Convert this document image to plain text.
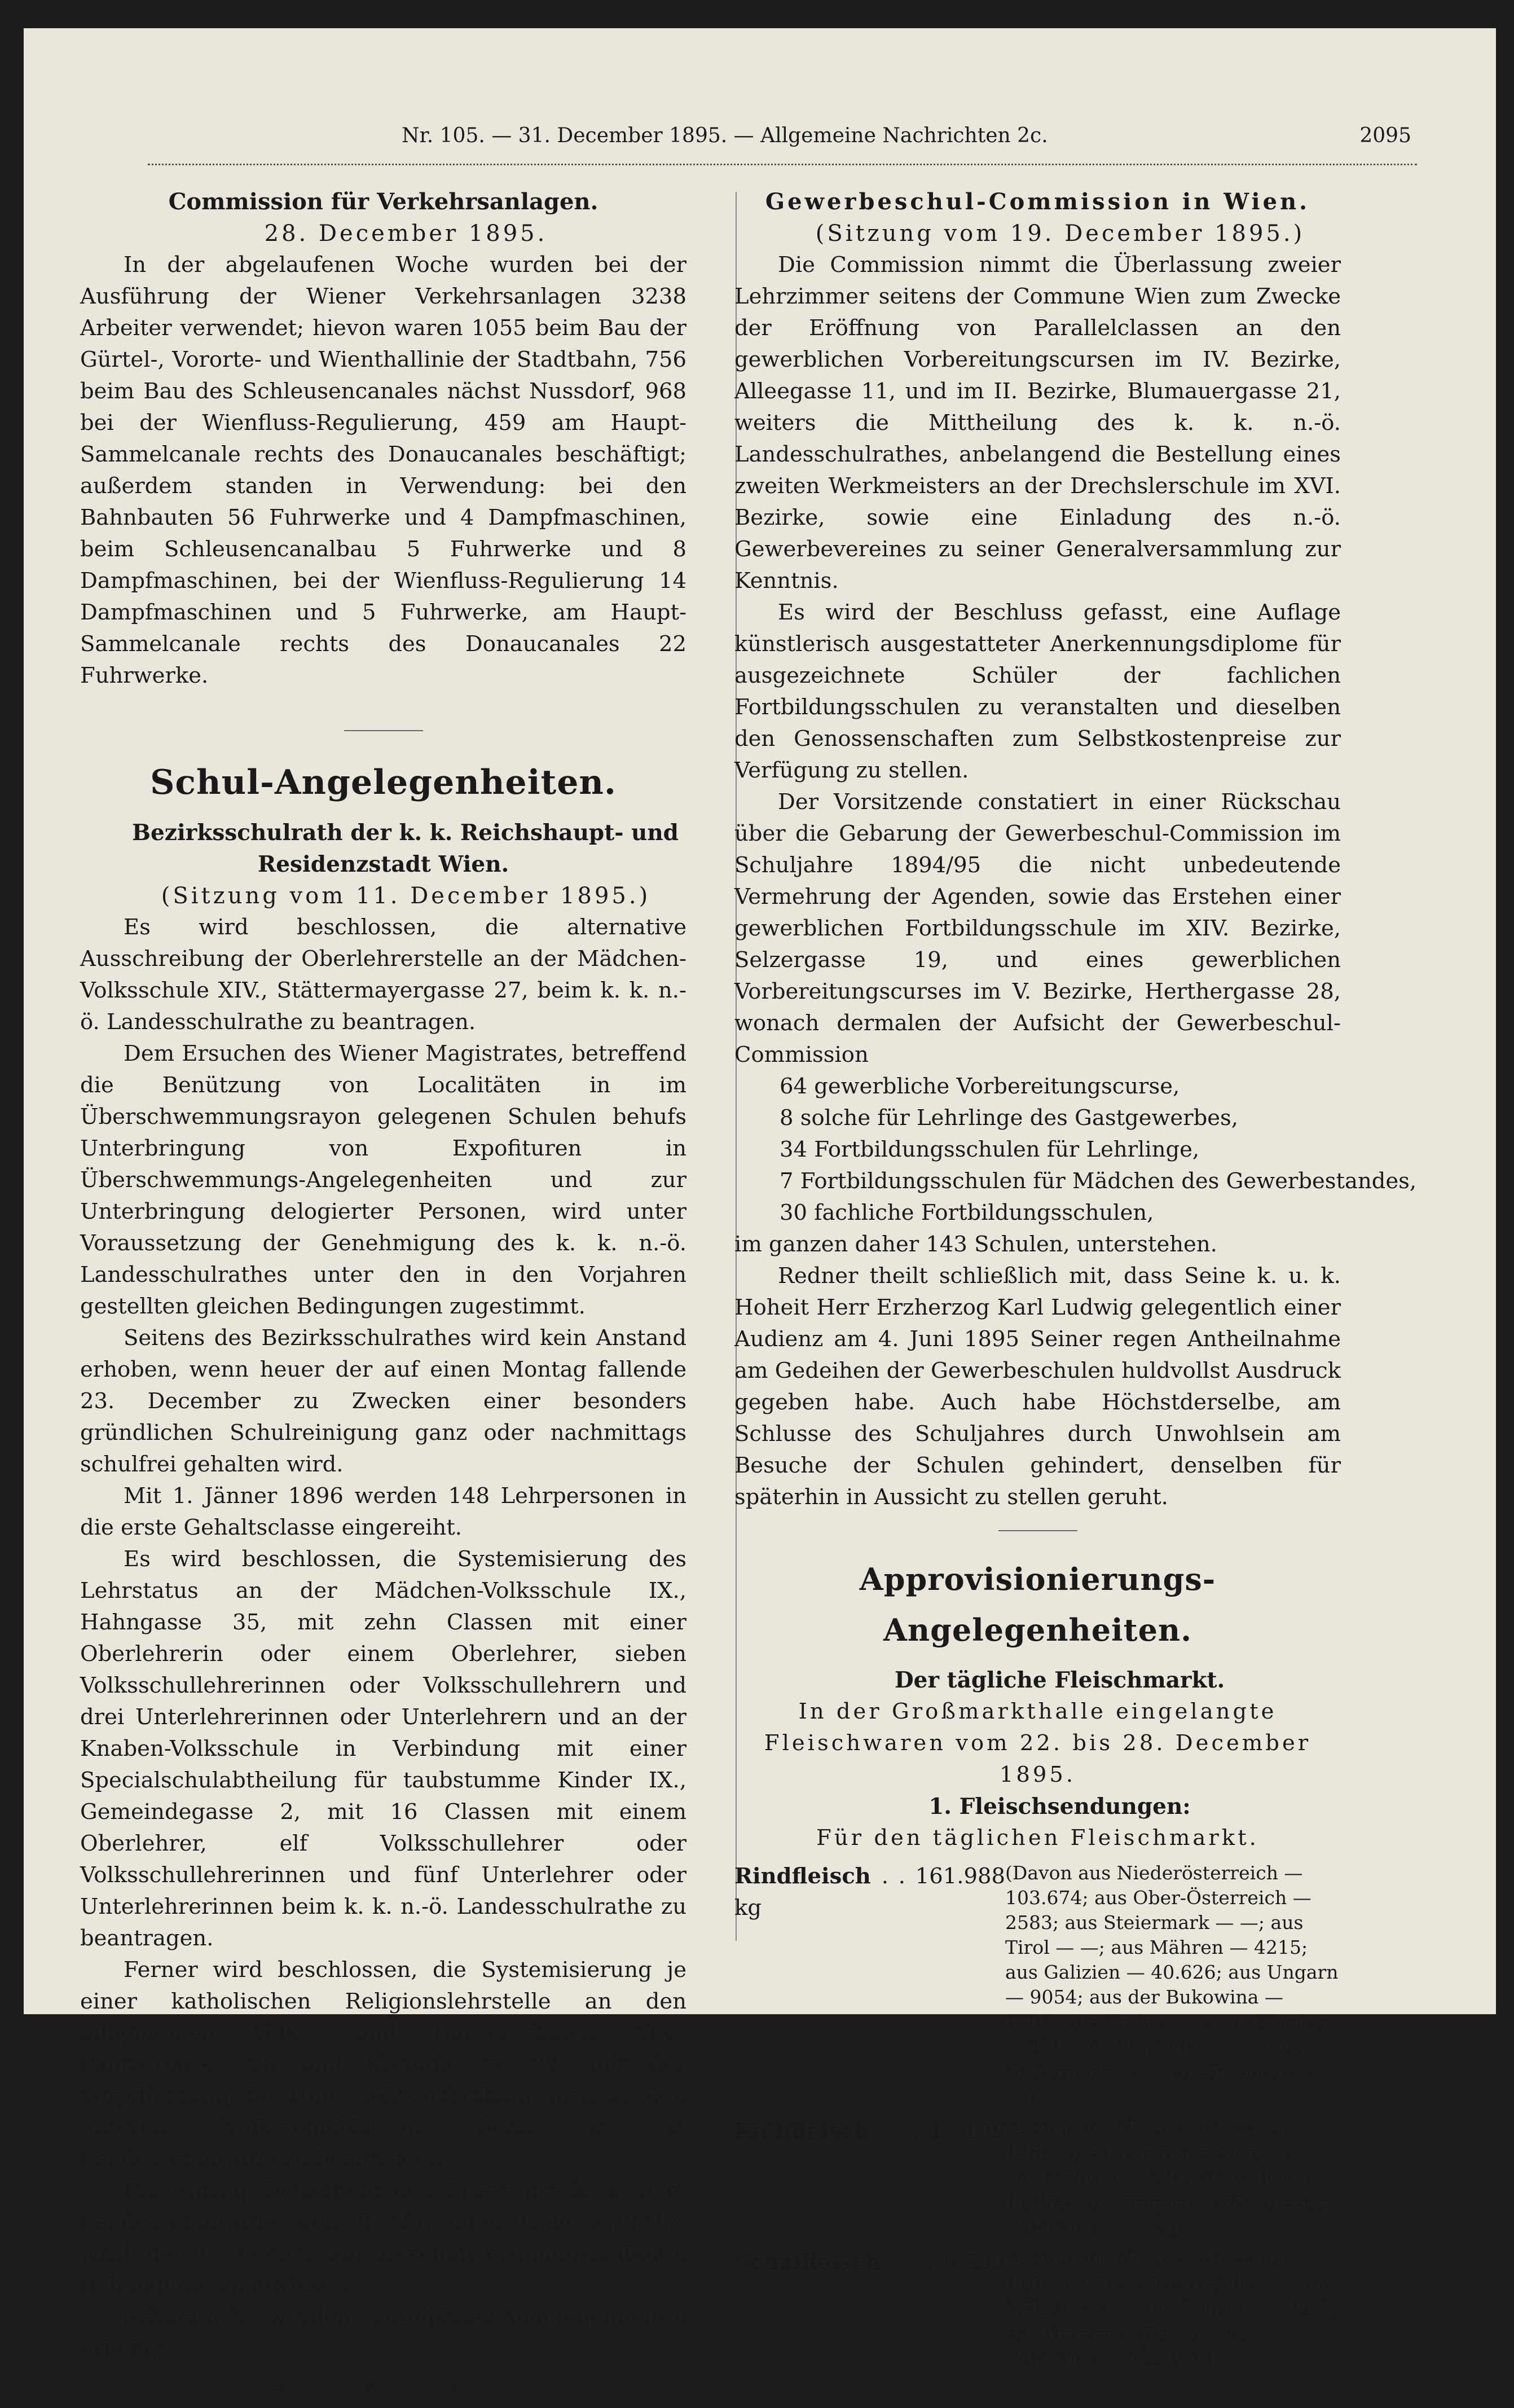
Nr. 105. — 31. December 1895. — Allgemeine Nachrichten 2c.	2095

Commission für Verkehrsanlagen.

28. December 1895.

In der abgelaufenen Woche wurden bei der Ausführung der Wiener Verkehrsanlagen 3238 Arbeiter verwendet; hievon waren 1055 beim Bau der Gürtel-, Vororte- und Wienthallinie der Stadtbahn, 756 beim Bau des Schleusencanales nächst Nussdorf, 968 bei der Wienfluss-Regulierung, 459 am Haupt-Sammelcanale rechts des Donaucanales beschäftigt; außerdem standen in Verwendung: bei den Bahnbauten 56 Fuhrwerke und 4 Dampfmaschinen, beim Schleusencanalbau 5 Fuhrwerke und 8 Dampfmaschinen, bei der Wienfluss-Regulierung 14 Dampfmaschinen und 5 Fuhrwerke, am Haupt-Sammelcanale rechts des Donaucanales 22 Fuhrwerke.

Schul-Angelegenheiten.

Bezirksschulrath der k. k. Reichshaupt- und Residenzstadt Wien.

(Sitzung vom 11. December 1895.)

Es wird beschlossen, die alternative Ausschreibung der Oberlehrerstelle an der Mädchen-Volksschule XIV., Stättermayergasse 27, beim k. k. n.-ö. Landesschulrathe zu beantragen.

Dem Ersuchen des Wiener Magistrates, betreffend die Benützung von Localitäten in im Überschwemmungsrayon gelegenen Schulen behufs Unterbringung von Expofituren in Überschwemmungs-Angelegenheiten und zur Unterbringung delogierter Personen, wird unter Voraussetzung der Genehmigung des k. k. n.-ö. Landesschulrathes unter den in den Vorjahren gestellten gleichen Bedingungen zugestimmt.

Seitens des Bezirksschulrathes wird kein Anstand erhoben, wenn heuer der auf einen Montag fallende 23. December zu Zwecken einer besonders gründlichen Schulreinigung ganz oder nachmittags schulfrei gehalten wird.

Mit 1. Jänner 1896 werden 148 Lehrpersonen in die erste Gehaltsclasse eingereiht.

Es wird beschlossen, die Systemisierung des Lehrstatus an der Mädchen-Volksschule IX., Hahngasse 35, mit zehn Classen mit einer Oberlehrerin oder einem Oberlehrer, sieben Volksschullehrerinnen oder Volksschullehrern und drei Unterlehrerinnen oder Unterlehrern und an der Knaben-Volksschule in Verbindung mit einer Specialschulabtheilung für taubstumme Kinder IX., Gemeindegasse 2, mit 16 Classen mit einem Oberlehrer, elf Volksschullehrer oder Volksschullehrerinnen und fünf Unterlehrer oder Unterlehrerinnen beim k. k. n.-ö. Landesschulrathe zu beantragen.

Ferner wird beschlossen, die Systemisierung je einer katholischen Religionslehrstelle an den allgemeinen Volks- und Bürgerschulen XIX., Pantzergasse 25 und Kreindlgasse 24, mit der Verpflichtung der Unterrichtsertheilung auch an den unteren Volksschulclassen beim k. k. Landesschulrathe zu beantragen.

Ein Antrag, betreffend den Erlass des k. k. n.-ö. Landesschulrathes vom 8. November 1895, Z. 8317, wird der I. Section zur geschäftsordnungsmäßigen Behandlung zugewiesen.

Schließlich werden Disciplinar-Angelegenheiten erledigt.

* * *

Gewerbeschul-Commission in Wien.

(Sitzung vom 19. December 1895.)

Die Commission nimmt die Überlassung zweier Lehrzimmer seitens der Commune Wien zum Zwecke der Eröffnung von Parallelclassen an den gewerblichen Vorbereitungscursen im IV. Bezirke, Alleegasse 11, und im II. Bezirke, Blumauergasse 21, weiters die Mittheilung des k. k. n.-ö. Landesschulrathes, anbelangend die Bestellung eines zweiten Werkmeisters an der Drechslerschule im XVI. Bezirke, sowie eine Einladung des n.-ö. Gewerbevereines zu seiner Generalversammlung zur Kenntnis.

Es wird der Beschluss gefasst, eine Auflage künstlerisch ausgestatteter Anerkennungsdiplome für ausgezeichnete Schüler der fachlichen Fortbildungsschulen zu veranstalten und dieselben den Genossenschaften zum Selbstkostenpreise zur Verfügung zu stellen.

Der Vorsitzende constatiert in einer Rückschau über die Gebarung der Gewerbeschul-Commission im Schuljahre 1894/95 die nicht unbedeutende Vermehrung der Agenden, sowie das Erstehen einer gewerblichen Fortbildungsschule im XIV. Bezirke, Selzergasse 19, und eines gewerblichen Vorbereitungscurses im V. Bezirke, Herthergasse 28, wonach dermalen der Aufsicht der Gewerbeschul-Commission

64 gewerbliche Vorbereitungscurse,
8 solche für Lehrlinge des Gastgewerbes,
34 Fortbildungsschulen für Lehrlinge,
7 Fortbildungsschulen für Mädchen des Gewerbestandes,
30 fachliche Fortbildungsschulen,

im ganzen daher 143 Schulen, unterstehen.

Redner theilt schließlich mit, dass Seine k. u. k. Hoheit Herr Erzherzog Karl Ludwig gelegentlich einer Audienz am 4. Juni 1895 Seiner regen Antheilnahme am Gedeihen der Gewerbeschulen huldvollst Ausdruck gegeben habe. Auch habe Höchstderselbe, am Schlusse des Schuljahres durch Unwohlsein am Besuche der Schulen gehindert, denselben für späterhin in Aussicht zu stellen geruht.

Approvisionierungs-Angelegenheiten.

Der tägliche Fleischmarkt.

In der Großmarkthalle eingelangte Fleischwaren vom 22. bis 28. December 1895.

1. Fleischsendungen:

Für den täglichen Fleischmarkt.

Rindfleisch . . 161.988 kg
(Davon aus Niederösterreich — 103.674; aus Ober-Österreich — 2583; aus Steiermark — —; aus Tirol — —; aus Mähren — 4215; aus Galizien — 40.626; aus Ungarn — 9054; aus der Bukowina — 1706; aus Krain — —; aus Kärnten — 130; aus Slavonien — —; aus Steiermark — —; aus Bosnien — — kg)
Kalbfleisch . . . 13.109 „
(Davon aus Nieder-Österreich — 1466; aus Ober-Österreich — —; aus Mähren — 126; aus Galizien — 11.484; aus Ungarn — 33; aus der Bukowina — — kg)
Schaffleisch . . . 5.300 „
(Davon aus Nieder-Österreich — 110; aus Ober-Österreich — —; aus Mähren — —; aus Galizien — 3407; aus Ungarn — 54; aus der Bukowina — 1729 kg)
